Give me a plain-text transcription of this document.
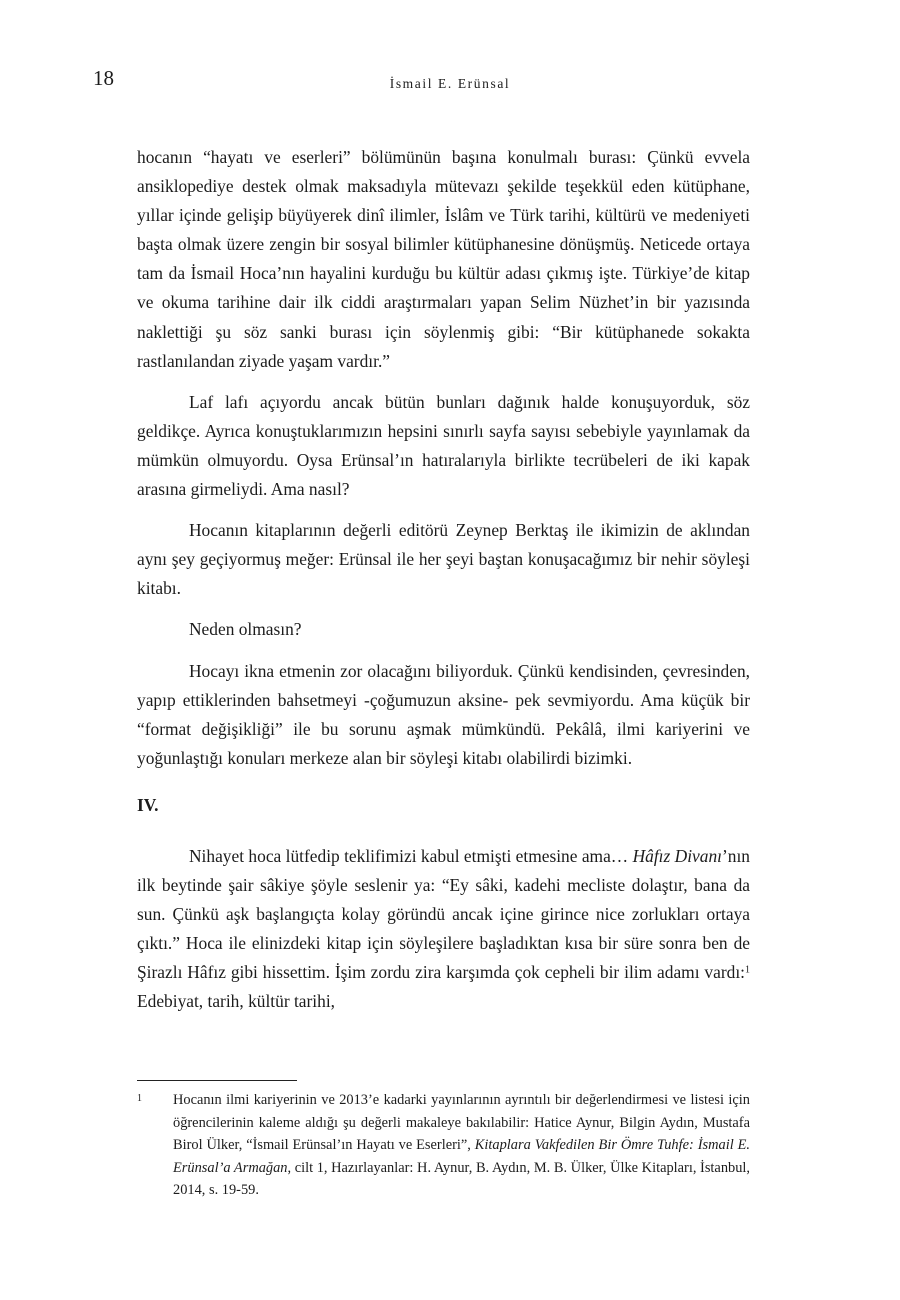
18	İsmail E. Erünsal

hocanın “hayatı ve eserleri” bölümünün başına konulmalı burası: Çünkü evvela ansiklopediye destek olmak maksadıyla mütevazı şekilde teşekkül eden kütüphane, yıllar içinde gelişip büyüyerek dinî ilimler, İslâm ve Türk tarihi, kültürü ve medeniyeti başta olmak üzere zengin bir sosyal bilimler kütüphanesine dönüşmüş. Neticede ortaya tam da İsmail Hoca’nın hayalini kurduğu bu kültür adası çıkmış işte. Türkiye’de kitap ve okuma tarihine dair ilk ciddi araştırmaları yapan Selim Nüzhet’in bir yazısında naklettiği şu söz sanki burası için söylenmiş gibi: “Bir kütüphanede sokakta rastlanılandan ziyade yaşam vardır.”

Laf lafı açıyordu ancak bütün bunları dağınık halde konuşuyorduk, söz geldikçe. Ayrıca konuştuklarımızın hepsini sınırlı sayfa sayısı sebebiyle yayınlamak da mümkün olmuyordu. Oysa Erünsal’ın hatıralarıyla birlikte tecrübeleri de iki kapak arasına girmeliydi. Ama nasıl?

Hocanın kitaplarının değerli editörü Zeynep Berktaş ile ikimizin de aklından aynı şey geçiyormuş meğer: Erünsal ile her şeyi baştan konuşacağımız bir nehir söyleşi kitabı.

Neden olmasın?

Hocayı ikna etmenin zor olacağını biliyorduk. Çünkü kendisinden, çevresinden, yapıp ettiklerinden bahsetmeyi -çoğumuzun aksine- pek sevmiyordu. Ama küçük bir “format değişikliği” ile bu sorunu aşmak mümkündü. Pekâlâ, ilmi kariyerini ve yoğunlaştığı konuları merkeze alan bir söyleşi kitabı olabilirdi bizimki.

IV.

Nihayet hoca lütfedip teklifimizi kabul etmişti etmesine ama… Hâfız Divanı’nın ilk beytinde şair sâkiye şöyle seslenir ya: “Ey sâki, kadehi mecliste dolaştır, bana da sun. Çünkü aşk başlangıçta kolay göründü ancak içine girince nice zorlukları ortaya çıktı.” Hoca ile elinizdeki kitap için söyleşilere başladıktan kısa bir süre sonra ben de Şirazlı Hâfız gibi hissettim. İşim zordu zira karşımda çok cepheli bir ilim adamı vardı:$^1$ Edebiyat, tarih, kültür tarihi,

1 Hocanın ilmi kariyerinin ve 2013’e kadarki yayınlarının ayrıntılı bir değerlendirmesi ve listesi için öğrencilerinin kaleme aldığı şu değerli makaleye bakılabilir: Hatice Aynur, Bilgin Aydın, Mustafa Birol Ülker, “İsmail Erünsal’ın Hayatı ve Eserleri”, Kitaplara Vakfedilen Bir Ömre Tuhfe: İsmail E. Erünsal’a Armağan, cilt 1, Hazırlayanlar: H. Aynur, B. Aydın, M. B. Ülker, Ülke Kitapları, İstanbul, 2014, s. 19-59.
